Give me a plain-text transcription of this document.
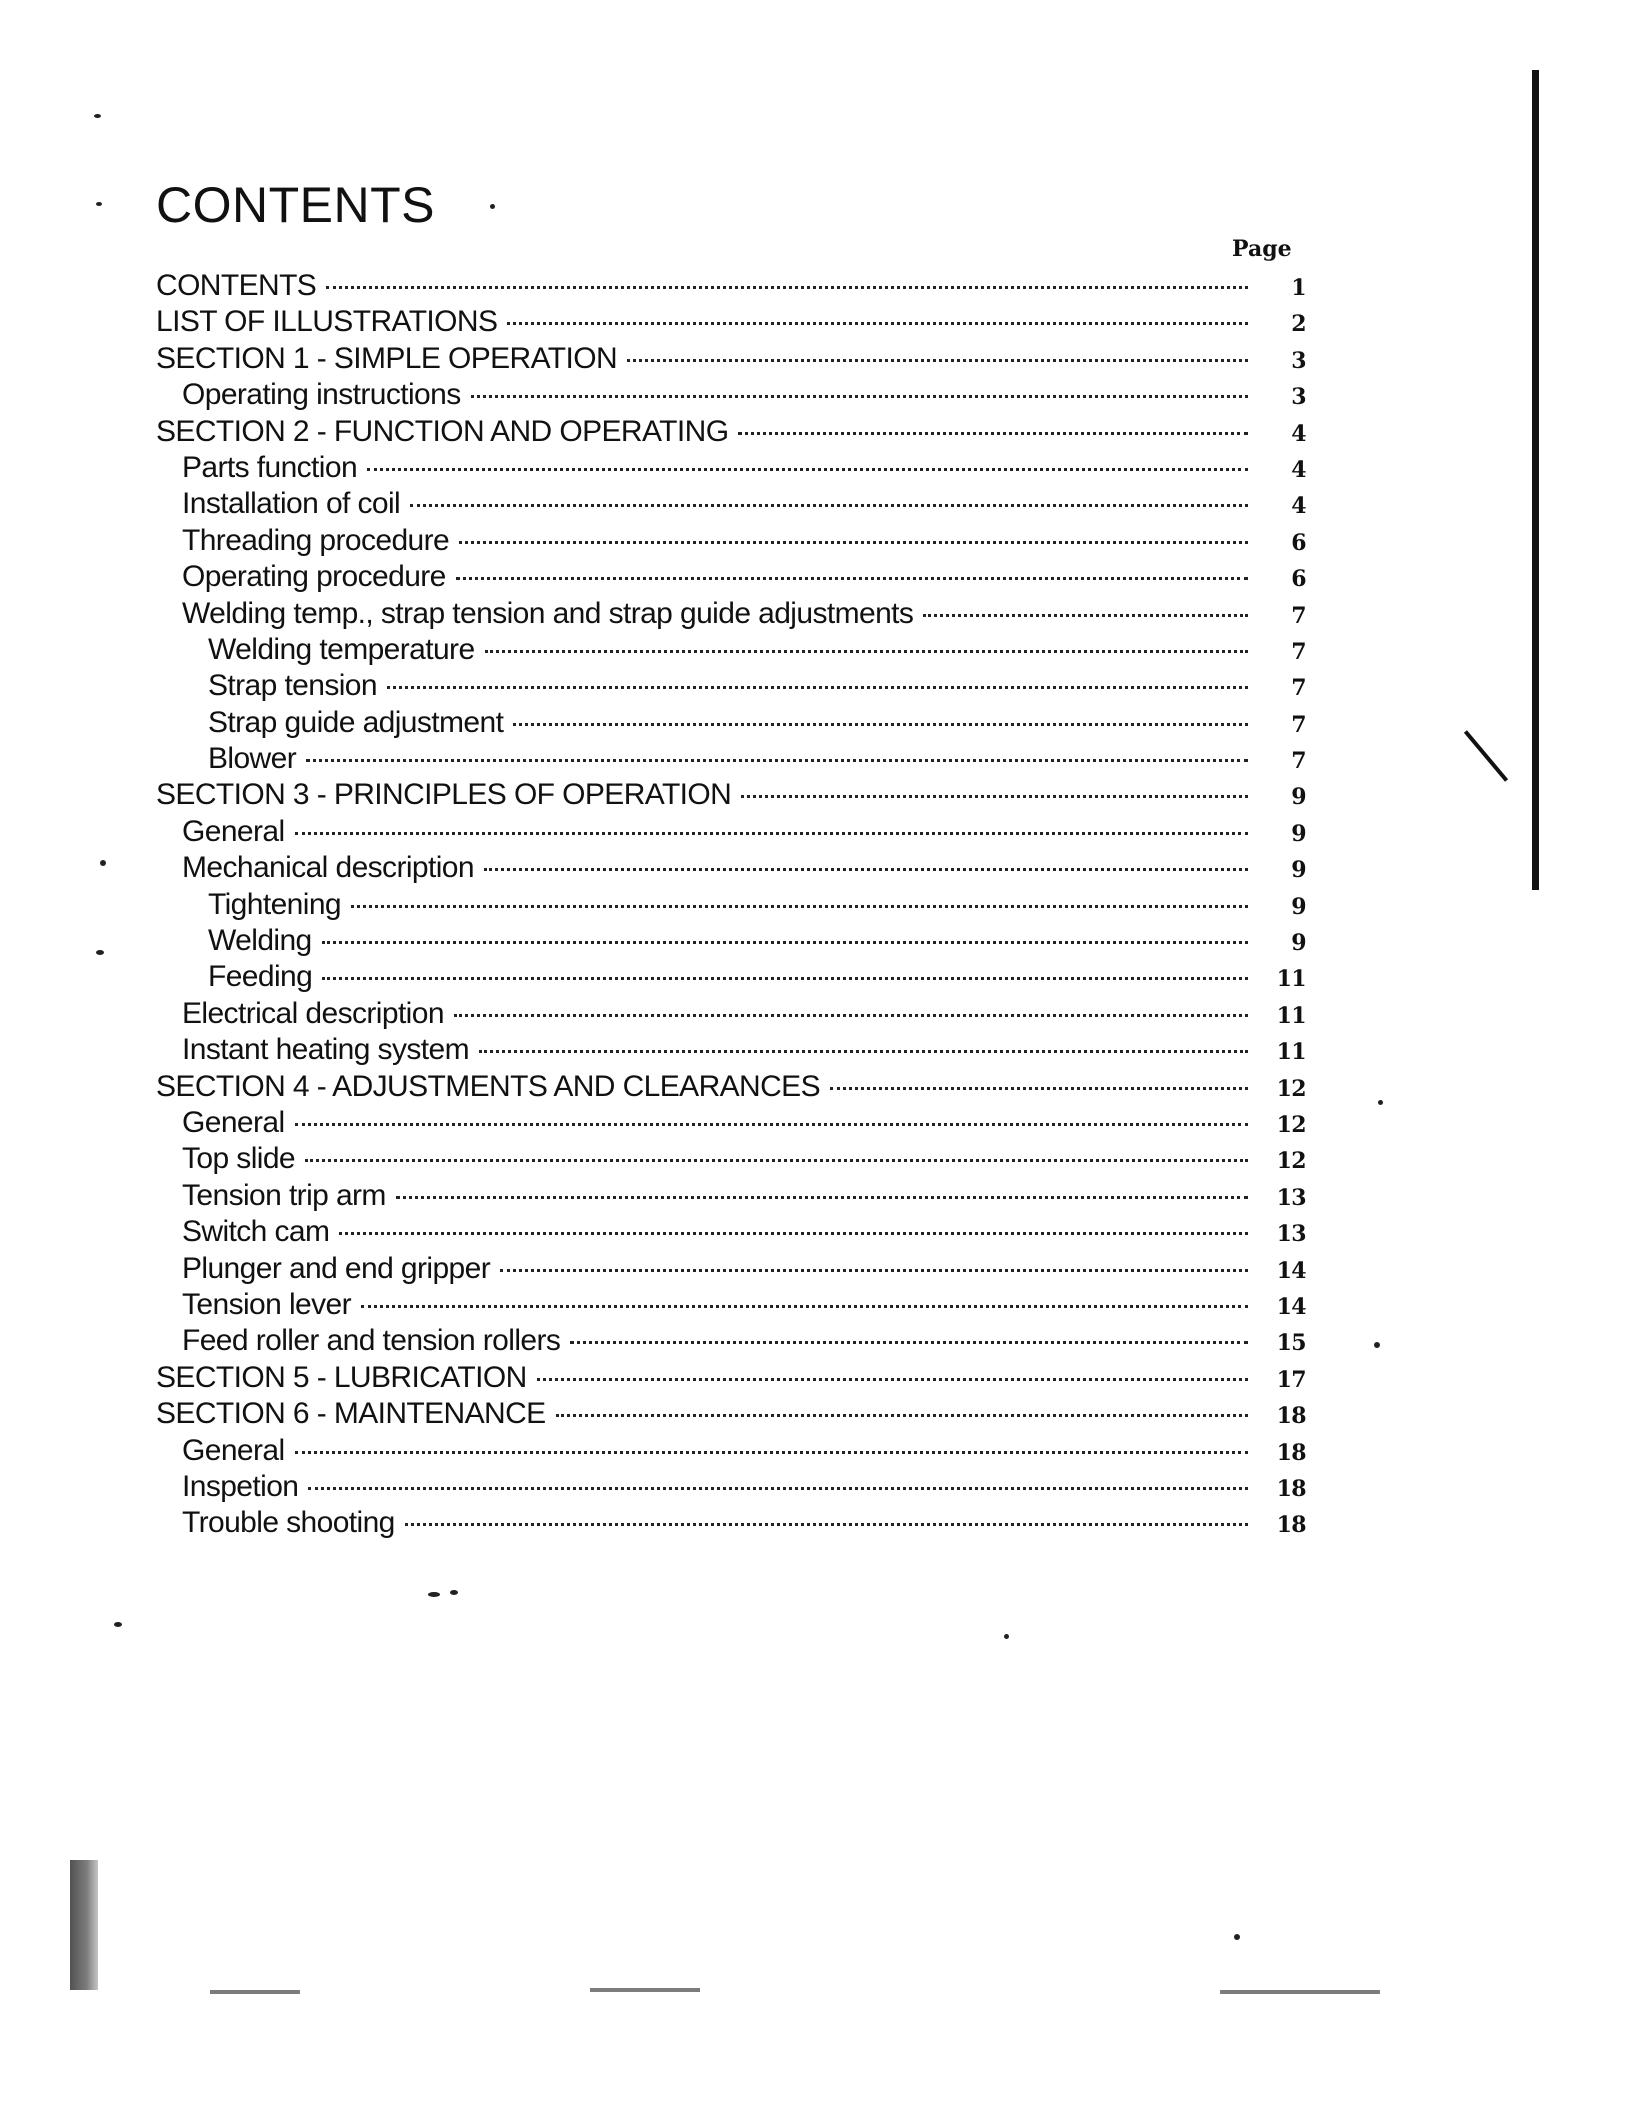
CONTENTS
Page
CONTENTS	1
LIST OF ILLUSTRATIONS	2
SECTION 1 - SIMPLE OPERATION	3
Operating instructions	3
SECTION 2 - FUNCTION AND OPERATING	4
Parts function	4
Installation of coil	4
Threading procedure	6
Operating procedure	6
Welding temp., strap tension and strap guide adjustments	7
Welding temperature	7
Strap tension	7
Strap guide adjustment	7
Blower	7
SECTION 3 - PRINCIPLES OF OPERATION	9
General	9
Mechanical description	9
Tightening	9
Welding	9
Feeding	11
Electrical description	11
Instant heating system	11
SECTION 4 - ADJUSTMENTS AND CLEARANCES	12
General	12
Top slide	12
Tension trip arm	13
Switch cam	13
Plunger and end gripper	14
Tension lever	14
Feed roller and tension rollers	15
SECTION 5 - LUBRICATION	17
SECTION 6 - MAINTENANCE	18
General	18
Inspetion	18
Trouble shooting	18
